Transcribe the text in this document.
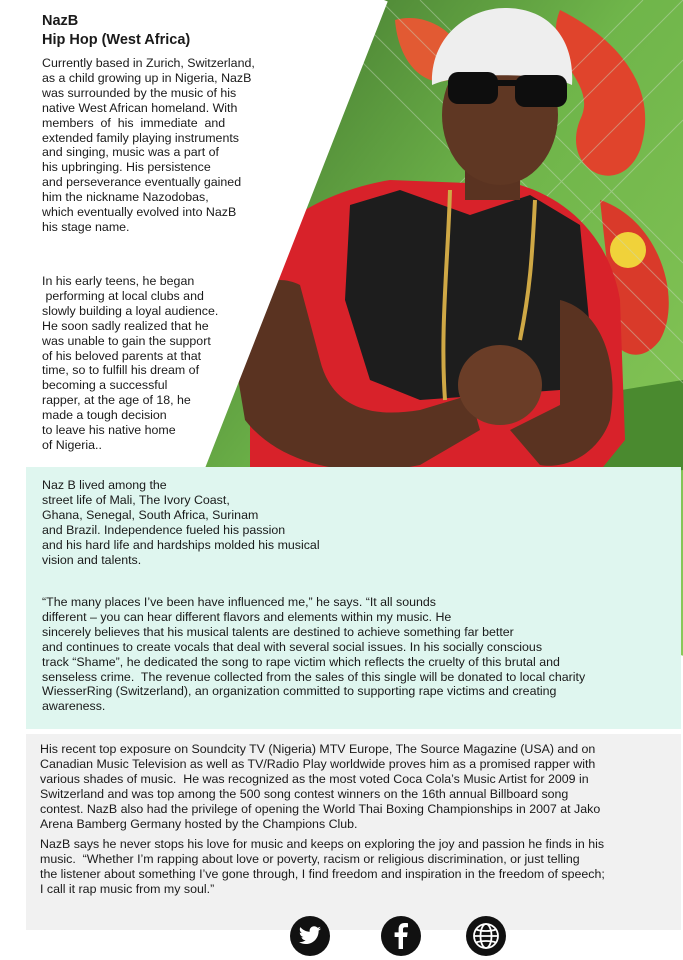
NazB
Hip Hop (West Africa)
Currently based in Zurich, Switzerland,
as a child growing up in Nigeria, NazB
was surrounded by the music of his
native West African homeland. With
members  of  his  immediate  and
extended family playing instruments
and singing, music was a part of
his upbringing. His persistence
and perseverance eventually gained
him the nickname Nazodobas,
which eventually evolved into NazB
his stage name.
In his early teens, he began
performing at local clubs and
slowly building a loyal audience.
He soon sadly realized that he
was unable to gain the support
of his beloved parents at that
time, so to fulfill his dream of
becoming a successful
rapper, at the age of 18, he
made a tough decision
to leave his native home
of Nigeria..
Naz B lived among the
street life of Mali, The Ivory Coast,
Ghana, Senegal, South Africa, Surinam
and Brazil. Independence fueled his passion
and his hard life and hardships molded his musical
vision and talents.
“The many places I’ve been have influenced me,” he says. “It all sounds
different – you can hear different flavors and elements within my music. He
sincerely believes that his musical talents are destined to achieve something far better
and continues to create vocals that deal with several social issues. In his socially conscious
track “Shame”, he dedicated the song to rape victim which reflects the cruelty of this brutal and
senseless crime.  The revenue collected from the sales of this single will be donated to local charity
WiesserRing (Switzerland), an organization committed to supporting rape victims and creating
awareness.
His recent top exposure on Soundcity TV (Nigeria) MTV Europe, The Source Magazine (USA) and on
Canadian Music Television as well as TV/Radio Play worldwide proves him as a promised rapper with
various shades of music.  He was recognized as the most voted Coca Cola’s Music Artist for 2009 in
Switzerland and was top among the 500 song contest winners on the 16th annual Billboard song
contest. NazB also had the privilege of opening the World Thai Boxing Championships in 2007 at Jako
Arena Bamberg Germany hosted by the Champions Club.
NazB says he never stops his love for music and keeps on exploring the joy and passion he finds in his
music.  “Whether I’m rapping about love or poverty, racism or religious discrimination, or just telling
the listener about something I’ve gone through, I find freedom and inspiration in the freedom of speech;
I call it rap music from my soul.”
